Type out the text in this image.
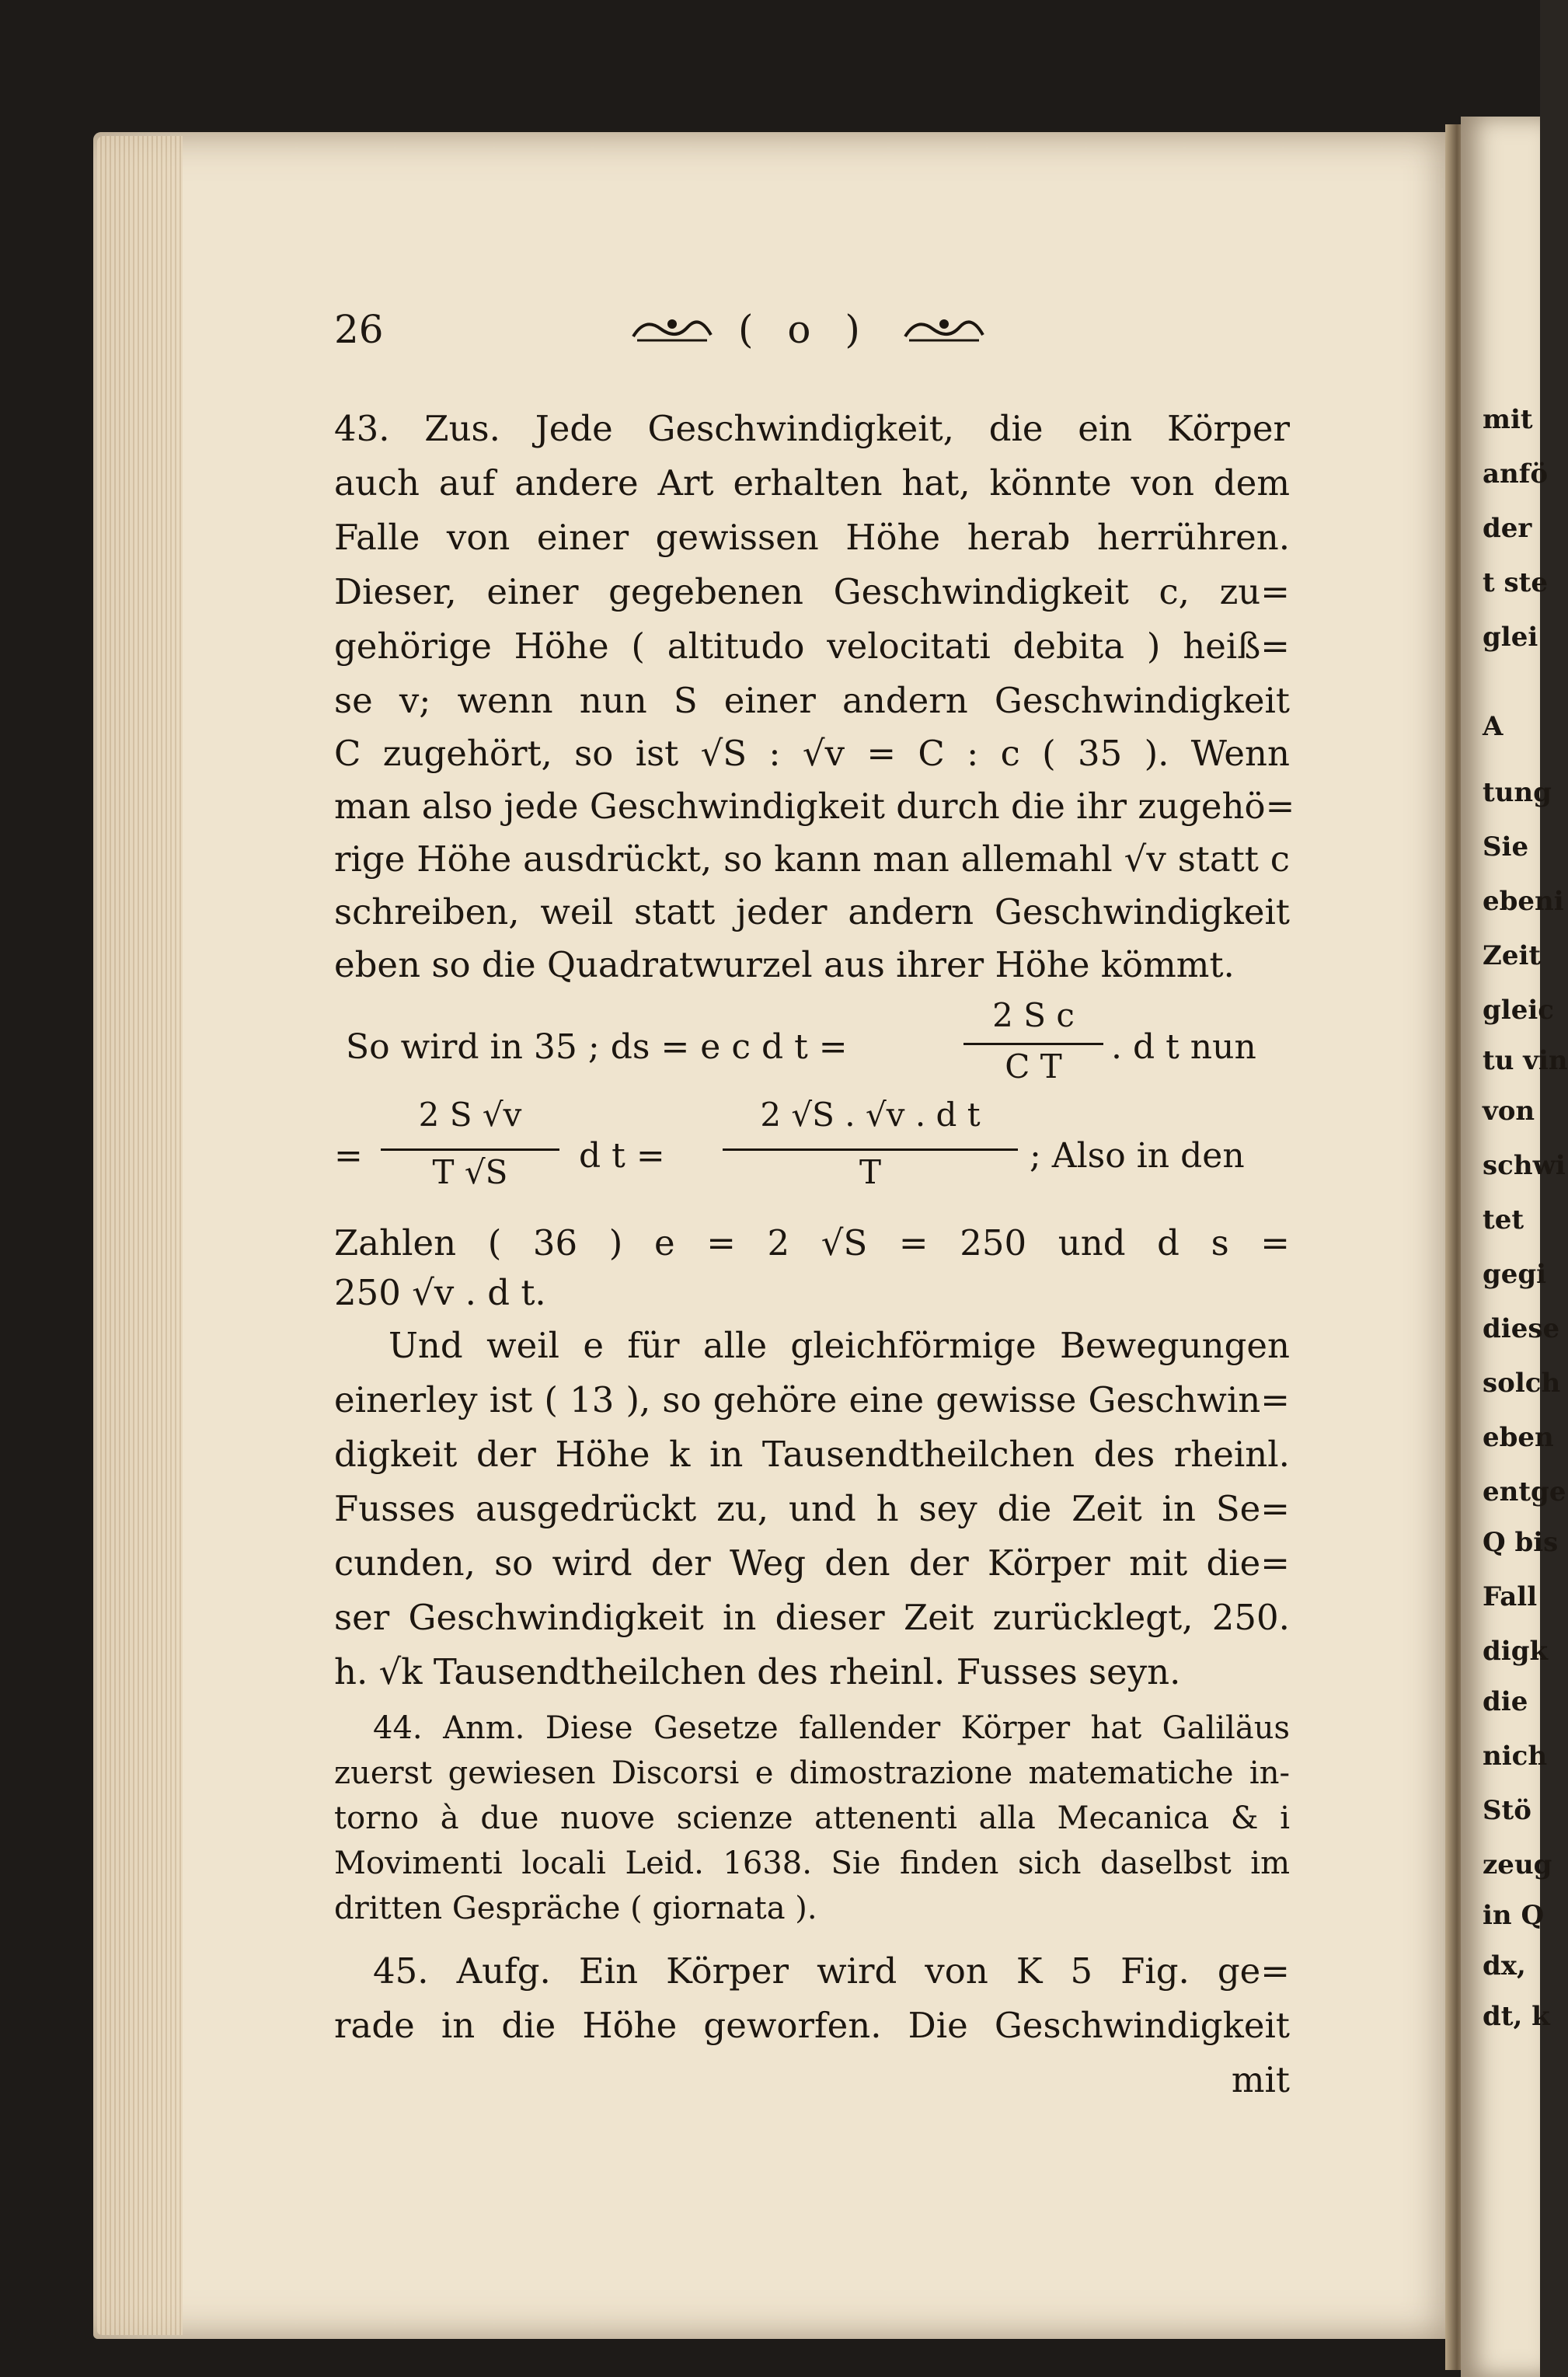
26	( o )
43. Zus. Jede Geschwindigkeit, die ein Körper
auch auf andere Art erhalten hat, könnte von dem
Falle von einer gewissen Höhe herab herrühren.
Dieser, einer gegebenen Geschwindigkeit c, zu=
gehörige Höhe ( altitudo velocitati debita ) heiß=
se v; wenn nun S einer andern Geschwindigkeit
C zugehört, so ist √S : √v = C : c ( 35 ). Wenn
man also jede Geschwindigkeit durch die ihr zugehö=
rige Höhe ausdrückt, so kann man allemahl √v statt c
schreiben, weil statt jeder andern Geschwindigkeit
eben so die Quadratwurzel aus ihrer Höhe kömmt.
So wird in 35 ; ds = e c d t =
2 S c
C T	. d t nun
=
2 S √v
T √S	d t =
2 √S . √v . d t
T	; Also in den
Zahlen ( 36 ) e = 2 √S = 250 und d s =
250 √v . d t.
Und weil e für alle gleichförmige Bewegungen
einerley ist ( 13 ), so gehöre eine gewisse Geschwin=
digkeit der Höhe k in Tausendtheilchen des rheinl.
Fusses ausgedrückt zu, und h sey die Zeit in Se=
cunden, so wird der Weg den der Körper mit die=
ser Geschwindigkeit in dieser Zeit zurücklegt, 250.
h. √k Tausendtheilchen des rheinl. Fusses seyn.
44. Anm. Diese Gesetze fallender Körper hat Galiläus
zuerst gewiesen Discorsi e dimostrazione matematiche in-
torno à due nuove scienze attenenti alla Mecanica & i
Movimenti locali Leid. 1638. Sie finden sich daselbst im
dritten Gespräche ( giornata ).
45. Aufg. Ein Körper wird von K 5 Fig. ge=
rade in die Höhe geworfen. Die Geschwindigkeit
mit
mit
anfö
der
t ste
glei
A
tung
Sie
ebeni
Zeit
gleic
tu vin
von
schwi
tet
gegi
diese
solch
eben
entge
Q bis
Fall
digk
die
nich
Stö
zeug
in Q
dx,
dt, k
